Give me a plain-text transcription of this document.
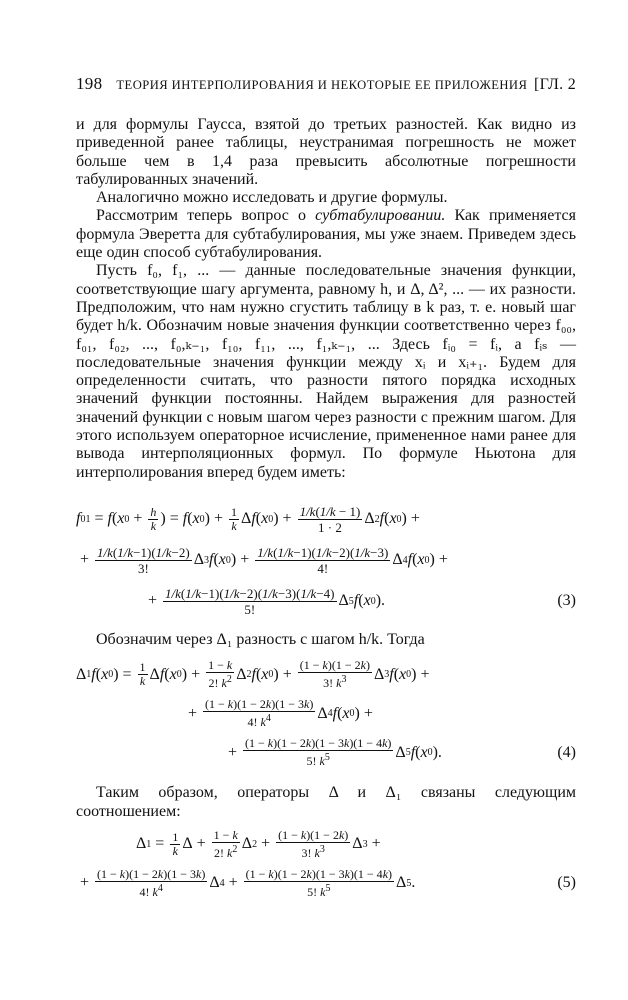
198 ТЕОРИЯ ИНТЕРПОЛИРОВАНИЯ И НЕКОТОРЫЕ ЕЕ ПРИЛОЖЕНИЯ [ГЛ. 2

и для формулы Гаусса, взятой до третьих разностей. Как видно из приведенной ранее таблицы, неустранимая погрешность не может больше чем в 1,4 раза превысить абсолютные погрешности табулированных значений.

Аналогично можно исследовать и другие формулы.

Рассмотрим теперь вопрос о субтабулировании. Как применяется формула Эверетта для субтабулирования, мы уже знаем. Приведем здесь еще один способ субтабулирования.

Пусть f₀, f₁, ... — данные последовательные значения функции, соответствующие шагу аргумента, равному h, и Δ, Δ², ... — их разности. Предположим, что нам нужно сгустить таблицу в k раз, т. е. новый шаг будет h/k. Обозначим новые значения функции соответственно через f₀₀, f₀₁, f₀₂, ..., f₀,ₖ₋₁, f₁₀, f₁₁, ..., f₁,ₖ₋₁, ... Здесь fᵢ₀ = fᵢ, а fᵢₛ — последовательные значения функции между xᵢ и xᵢ₊₁. Будем для определенности считать, что разности пятого порядка исходных значений функции постоянны. Найдем выражения для разностей значений функции с новым шагом через разности с прежним шагом. Для этого используем операторное исчисление, примененное нами ранее для вывода интерполяционных формул. По формуле Ньютона для интерполирования вперед будем иметь:

f 01 = f ( x $0 + \frac{h}{k}$ ) = f ( x 0 ) + $\frac{1}{k}$ Δ f ( x 0 ) + $\frac{1/k(1/k - 1)}{1 \cdot 2}$ Δ 2 f ( x 0 ) +
+ $\frac{1/k(1/k-1)(1/k-2)}{3!}$ Δ 3 f ( x 0 ) + $\frac{1/k(1/k-1)(1/k-2)(1/k-3)}{4!}$ Δ 4 f ( x 0 ) +
+ $\frac{1/k(1/k-1)(1/k-2)(1/k-3)(1/k-4)}{5!}$ Δ 5 f ( x 0 ).	(3)

Обозначим через Δ₁ разность с шагом h/k. Тогда

Δ 1 f ( x 0 ) = $\frac{1}{k}$ Δ f ( x 0 ) + $\frac{1 - k}{2! k^2}$ Δ 2 f ( x 0 ) + $\frac{(1 - k)(1 - 2k)}{3! k^3}$ Δ 3 f ( x 0 ) +
+ $\frac{(1 - k)(1 - 2k)(1 - 3k)}{4! k^4}$ Δ 4 f ( x 0 ) +
+ $\frac{(1 - k)(1 - 2k)(1 - 3k)(1 - 4k)}{5! k^5}$ Δ 5 f ( x 0 ).	(4)

Таким образом, операторы Δ и Δ₁ связаны следующим соотношением:

Δ $1 = \frac{1}{k}$ $\Delta + \frac{1 - k}{2! k^2}$ Δ $2 + \frac{(1 - k)(1 - 2k)}{3! k^3}$ Δ 3 +
+ $\frac{(1 - k)(1 - 2k)(1 - 3k)}{4! k^4}$ Δ $4 + \frac{(1 - k)(1 - 2k)(1 - 3k)(1 - 4k)}{5! k^5}$ Δ 5 .	(5)
